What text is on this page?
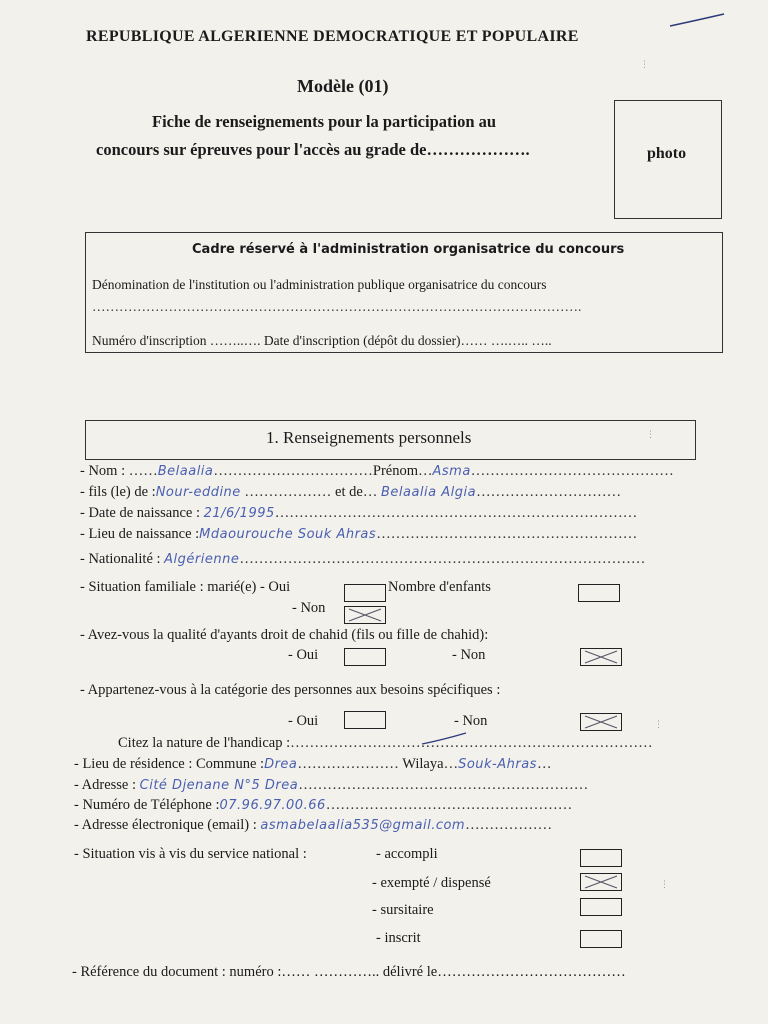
REPUBLIQUE ALGERIENNE DEMOCRATIQUE ET POPULAIRE
Modèle (01)
Fiche de renseignements pour la participation au
concours sur épreuves pour l'accès au grade de……………….	photo
Cadre réservé à l'administration organisatrice du concours
Dénomination de l'institution ou l'administration publique organisatrice du concours
……………………………………………………………………………………………….
Numéro d'inscription ……..…. Date d'inscription (dépôt du dossier)…… ….….. …..
1. Renseignements personnels
- Nom : ……Belaalia……………………………Prénom…Asma……………………………………
- fils (le) de :Nour-eddine ……………… et de… Belaalia Algia…………………………
- Date de naissance : 21/6/1995…………………………………………………………………
- Lieu de naissance :Mdaourouche Souk Ahras………………………………………………
- Nationalité : Algérienne…………………………………………………………………………
- Situation familiale : marié(e) - Oui	Nombre d'enfants
- Non
- Avez-vous la qualité d'ayants droit de chahid (fils ou fille de chahid):
- Oui	- Non
- Appartenez-vous à la catégorie des personnes aux besoins spécifiques :
- Oui	- Non
Citez la nature de l'handicap :…………………………………………………………………
- Lieu de résidence : Commune :Drea………………… Wilaya…Souk-Ahras…
- Adresse : Cité Djenane N°5 Drea……………………………………………………
- Numéro de Téléphone :07.96.97.00.66……………………………………………
- Adresse électronique (email) : asmabelaalia535@gmail.com………………
- Situation vis à vis du service national :	- accompli
- exempté / dispensé
- sursitaire
- inscrit
- Référence du document : numéro :…… ………….. délivré le…………………………………
⋮
⋮
⋮
⋮
